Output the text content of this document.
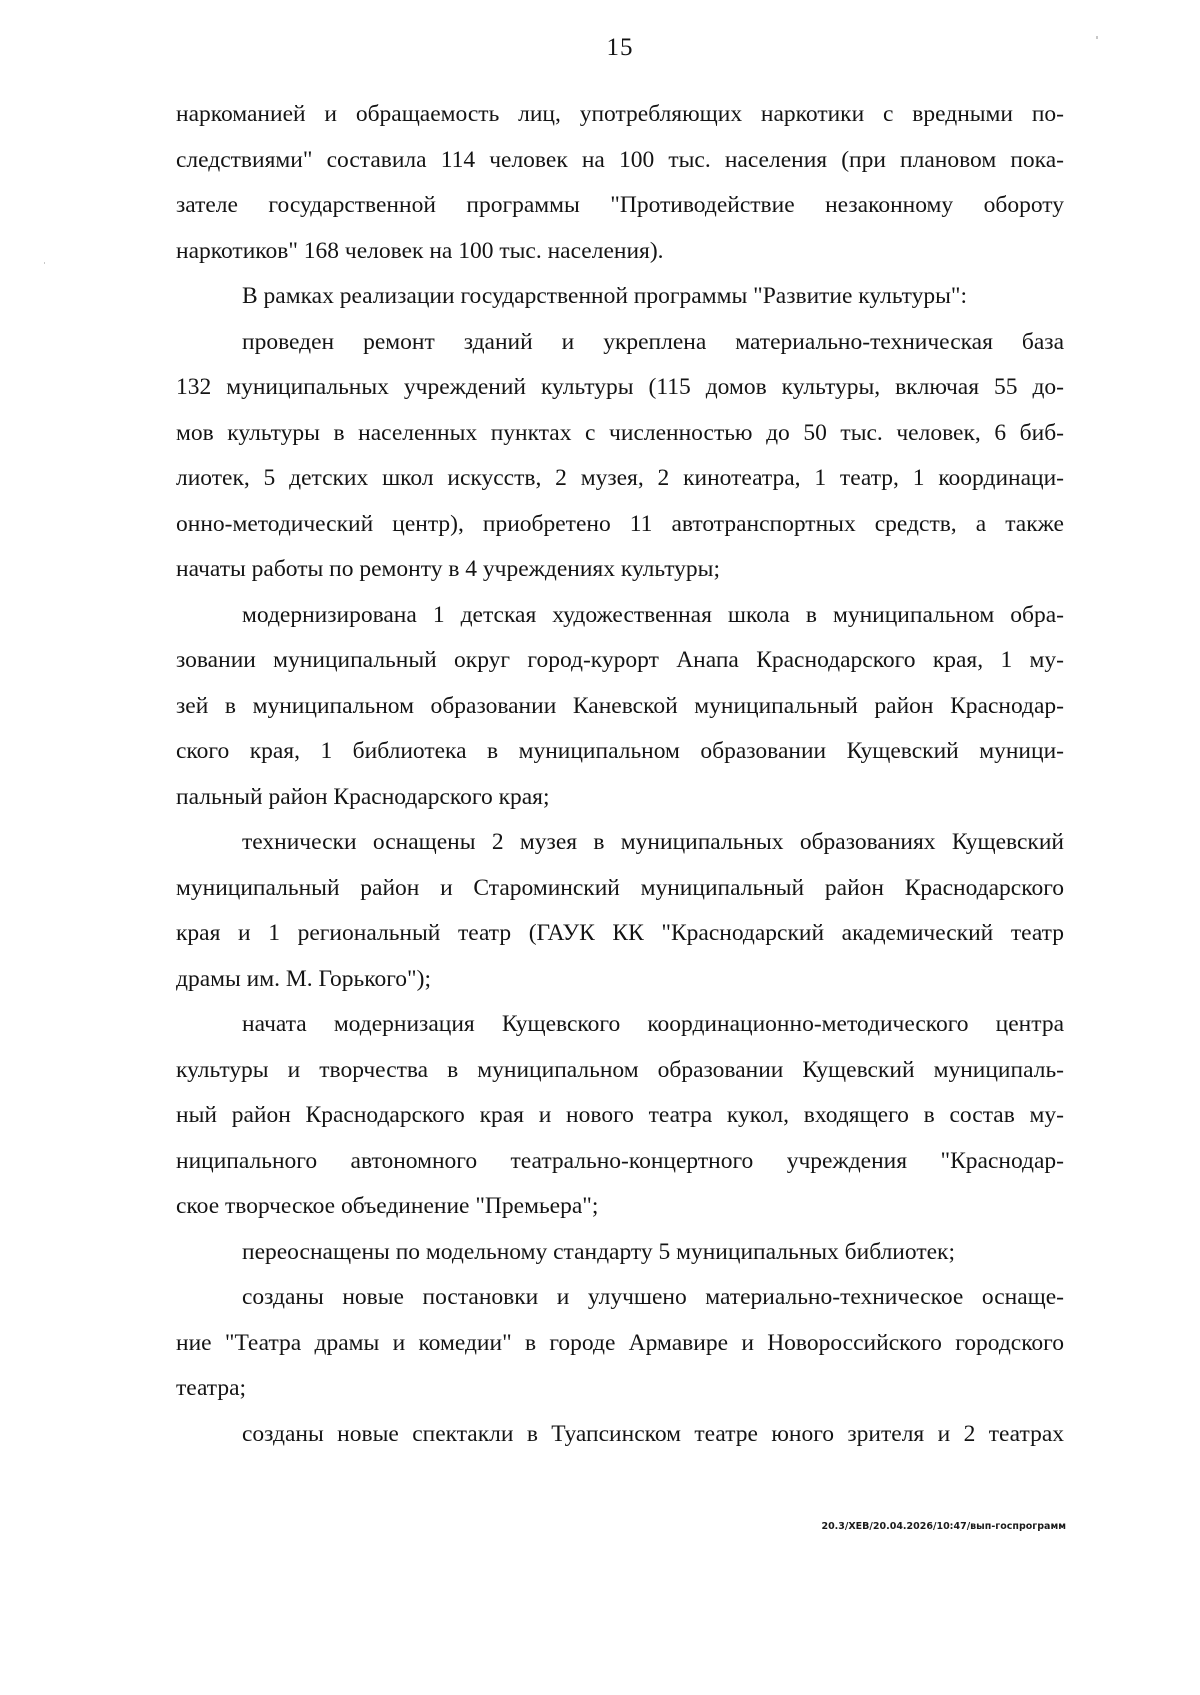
15
наркоманией и обращаемость лиц, употребляющих наркотики с вредными по-
следствиями" составила 114 человек на 100 тыс. населения (при плановом пока-
зателе государственной программы "Противодействие незаконному обороту
наркотиков" 168 человек на 100 тыс. населения).
В рамках реализации государственной программы "Развитие культуры":
проведен ремонт зданий и укреплена материально-техническая база
132 муниципальных учреждений культуры (115 домов культуры, включая 55 до-
мов культуры в населенных пунктах с численностью до 50 тыс. человек, 6 биб-
лиотек, 5 детских школ искусств, 2 музея, 2 кинотеатра, 1 театр, 1 координаци-
онно-методический центр), приобретено 11 автотранспортных средств, а также
начаты работы по ремонту в 4 учреждениях культуры;
модернизирована 1 детская художественная школа в муниципальном обра-
зовании муниципальный округ город-курорт Анапа Краснодарского края, 1 му-
зей в муниципальном образовании Каневской муниципальный район Краснодар-
ского края, 1 библиотека в муниципальном образовании Кущевский муници-
пальный район Краснодарского края;
технически оснащены 2 музея в муниципальных образованиях Кущевский
муниципальный район и Староминский муниципальный район Краснодарского
края и 1 региональный театр (ГАУК КК "Краснодарский академический театр
драмы им. М. Горького");
начата модернизация Кущевского координационно-методического центра
культуры и творчества в муниципальном образовании Кущевский муниципаль-
ный район Краснодарского края и нового театра кукол, входящего в состав му-
ниципального автономного театрально-концертного учреждения "Краснодар-
ское творческое объединение "Премьера";
переоснащены по модельному стандарту 5 муниципальных библиотек;
созданы новые постановки и улучшено материально-техническое оснаще-
ние "Театра драмы и комедии" в городе Армавире и Новороссийского городского
театра;
созданы новые спектакли в Туапсинском театре юного зрителя и 2 театрах
20.3/ХЕВ/20.04.2026/10:47/вып-госпрограмм
